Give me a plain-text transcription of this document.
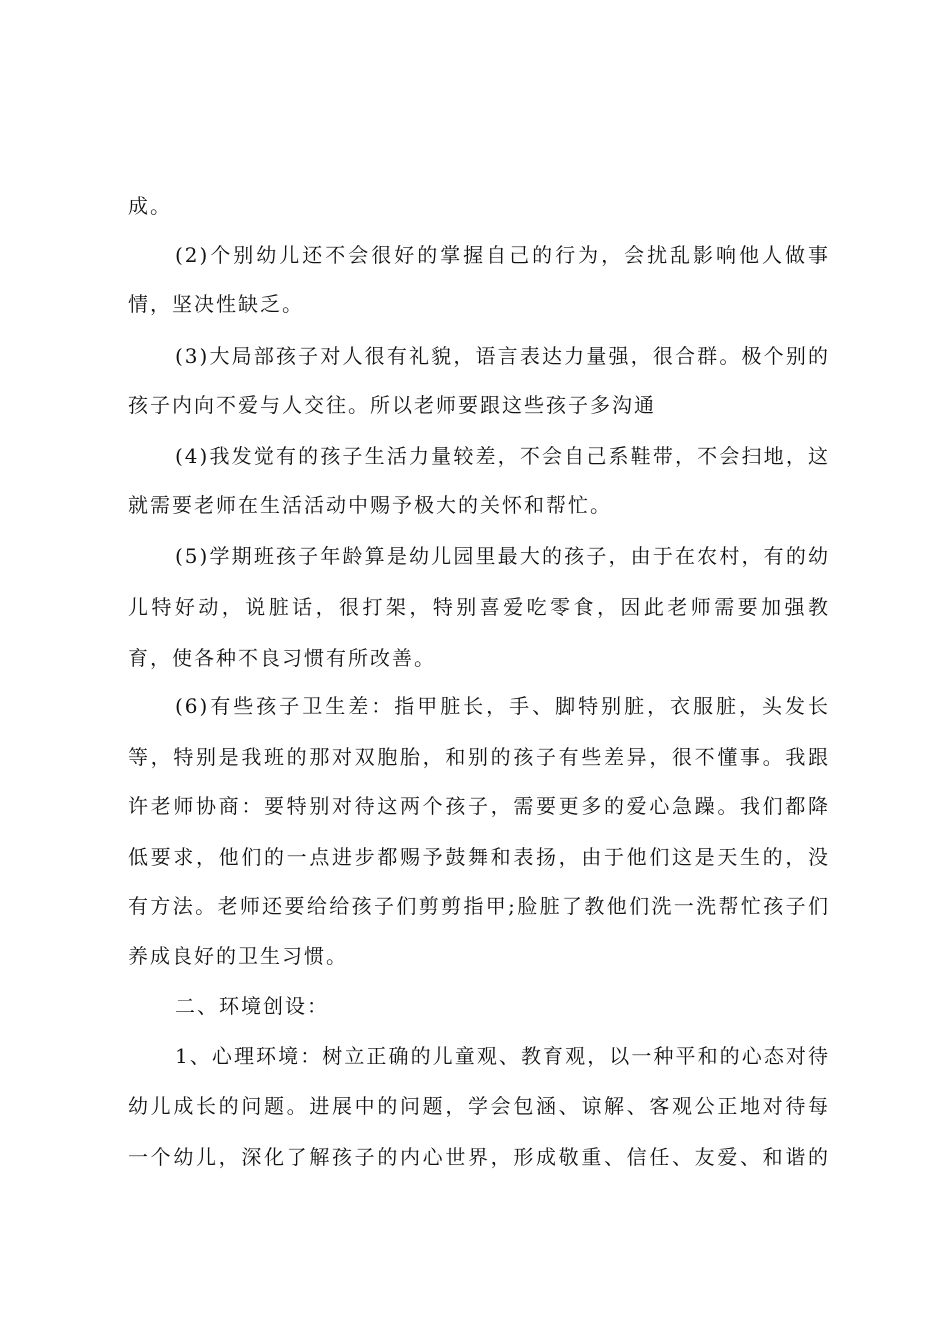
成。
(2)个别幼儿还不会很好的掌握自己的行为，会扰乱影响他人做事
情，坚决性缺乏。
(3)大局部孩子对人很有礼貌，语言表达力量强，很合群。极个别的
孩子内向不爱与人交往。所以老师要跟这些孩子多沟通
(4)我发觉有的孩子生活力量较差，不会自己系鞋带，不会扫地，这
就需要老师在生活活动中赐予极大的关怀和帮忙。
(5)学期班孩子年龄算是幼儿园里最大的孩子，由于在农村，有的幼
儿特好动，说脏话，很打架，特别喜爱吃零食，因此老师需要加强教
育，使各种不良习惯有所改善。
(6)有些孩子卫生差：指甲脏长，手、脚特别脏，衣服脏，头发长
等，特别是我班的那对双胞胎，和别的孩子有些差异，很不懂事。我跟
许老师协商：要特别对待这两个孩子，需要更多的爱心急躁。我们都降
低要求，他们的一点进步都赐予鼓舞和表扬，由于他们这是天生的，没
有方法。老师还要给给孩子们剪剪指甲;脸脏了教他们洗一洗帮忙孩子们
养成良好的卫生习惯。
二、环境创设：
1、心理环境：树立正确的儿童观、教育观，以一种平和的心态对待
幼儿成长的问题。进展中的问题，学会包涵、谅解、客观公正地对待每
一个幼儿，深化了解孩子的内心世界，形成敬重、信任、友爱、和谐的
